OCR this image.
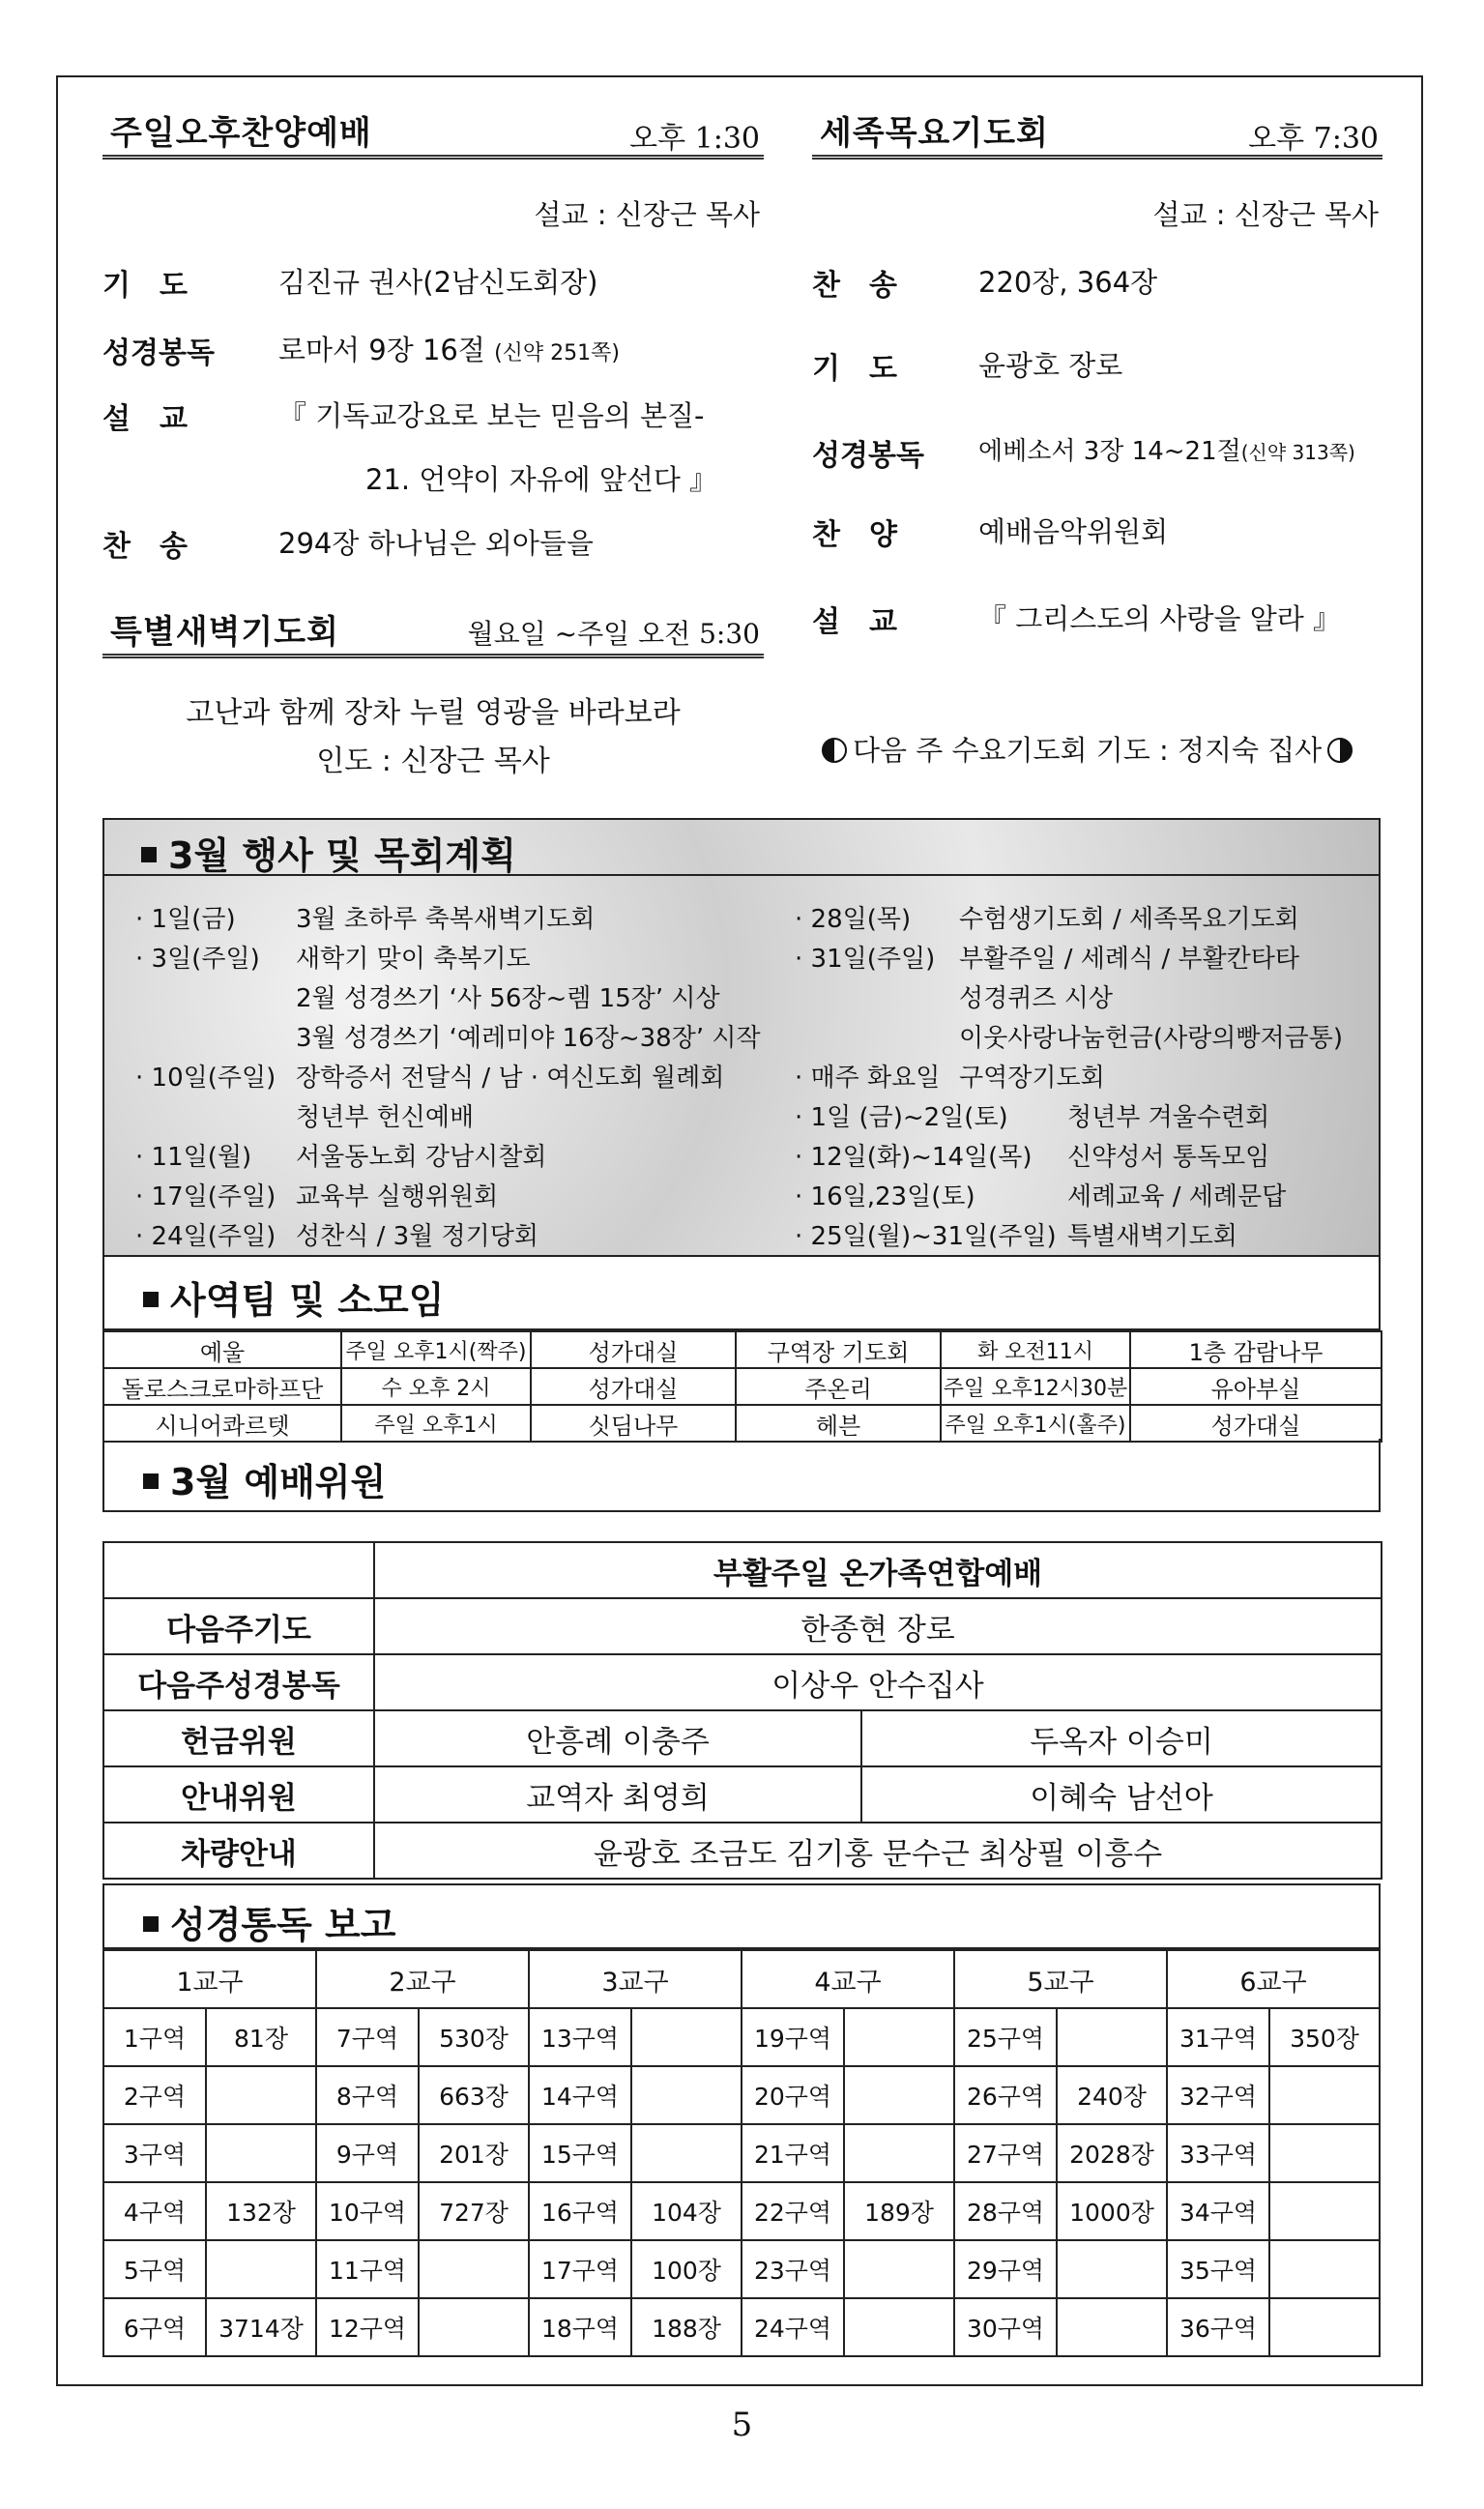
주일오후찬양예배	오후 1:30
설교 : 신장근 목사
기　도	김진규 권사(2남신도회장)
성경봉독 로마서 9장 16절 (신약 251쪽)
설　교	『 기독교강요로 보는 믿음의 본질-
21. 언약이 자유에 앞선다 』
찬　송	294장 하나님은 외아들을
특별새벽기도회	월요일 ~주일 오전 5:30
고난과 함께 장차 누릴 영광을 바라보라
인도 : 신장근 목사
세족목요기도회	오후 7:30
설교 : 신장근 목사
찬　송	220장, 364장
기　도	윤광호 장로
성경봉독 에베소서 3장 14~21절(신약 313쪽)
찬　양	예배음악위원회
설　교	『 그리스도의 사랑을 알라 』
다음 주 수요기도회 기도 : 정지숙 집사
3월 행사 및 목회계획
· 1일(금) 3월 초하루 축복새벽기도회
· 3일(주일) 새학기 맞이 축복기도
2월 성경쓰기 ‘사 56장~렘 15장’ 시상
3월 성경쓰기 ‘예레미야 16장~38장’ 시작
· 10일(주일) 장학증서 전달식 / 남 · 여신도회 월례회
청년부 헌신예배
· 11일(월) 서울동노회 강남시찰회
· 17일(주일) 교육부 실행위원회
· 24일(주일) 성찬식 / 3월 정기당회
· 28일(목) 수험생기도회 / 세족목요기도회
· 31일(주일) 부활주일 / 세례식 / 부활칸타타
성경퀴즈 시상
이웃사랑나눔헌금(사랑의빵저금통)
· 매주 화요일 구역장기도회
· 1일 (금)~2일(토) 청년부 겨울수련회
· 12일(화)~14일(목) 신약성서 통독모임
· 16일,23일(토)	세례교육 / 세례문답
· 25일(월)~31일(주일) 특별새벽기도회
사역팀 및 소모임
예울	주일 오후1시(짝주)	성가대실	구역장 기도회	화 오전11시	1층 감람나무
돌로스크로마하프단	수 오후 2시	성가대실	주온리	주일 오후12시30분	유아부실
시니어콰르텟	주일 오후1시	싯딤나무	헤븐	주일 오후1시(홀주)	성가대실
3월 예배위원
	부활주일 온가족연합예배	
다음주기도	한종현 장로	
다음주성경봉독	이상우 안수집사	
헌금위원	안흥례 이충주	두옥자 이승미
안내위원	교역자 최영희	이혜숙 남선아
차량안내	윤광호 조금도 김기홍 문수근 최상필 이흥수	
성경통독 보고
1교구		2교구		3교구		4교구		5교구		6교구	
1구역	81장	7구역	530장	13구역		19구역		25구역		31구역	350장
2구역		8구역	663장	14구역		20구역		26구역	240장	32구역	
3구역		9구역	201장	15구역		21구역		27구역	2028장	33구역	
4구역	132장	10구역	727장	16구역	104장	22구역	189장	28구역	1000장	34구역	
5구역		11구역		17구역	100장	23구역		29구역		35구역	
6구역	3714장	12구역		18구역	188장	24구역		30구역		36구역	
5
